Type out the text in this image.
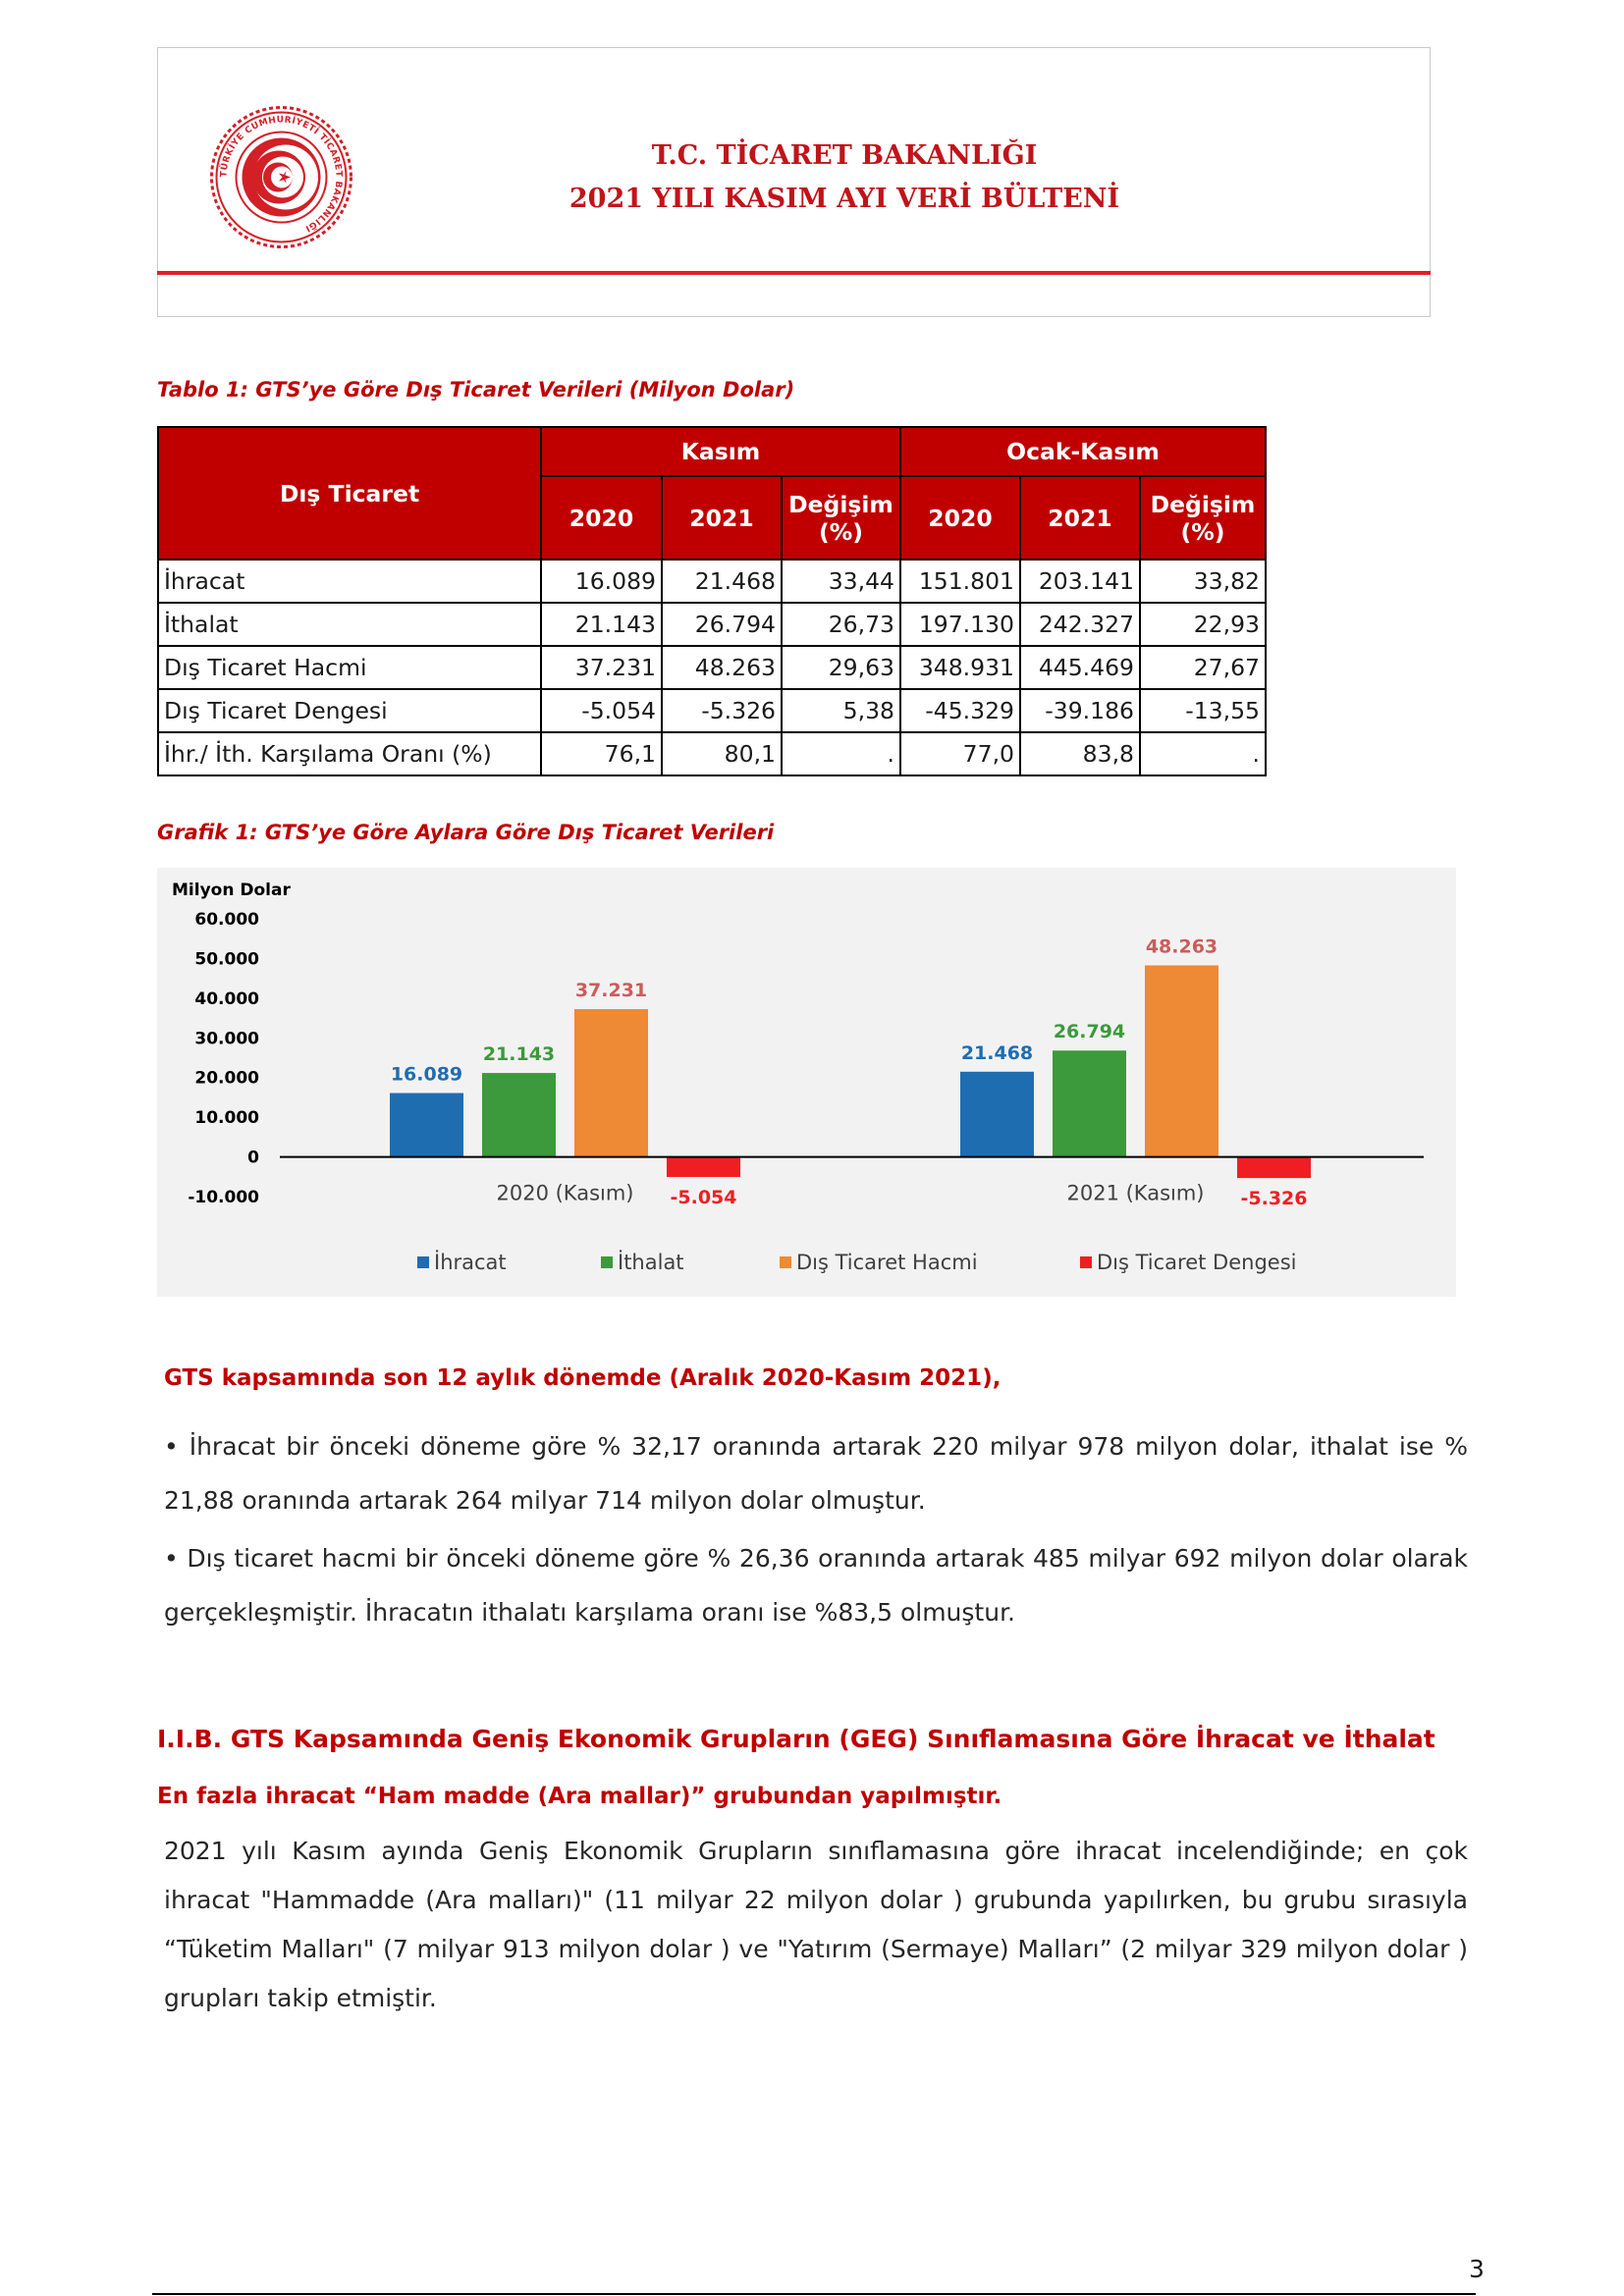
TÜRKİYE CUMHURİYETİ TİCARET BAKANLIĞI
T.C. TİCARET BAKANLIĞI
2021 YILI KASIM AYI VERİ BÜLTENİ
Tablo 1: GTS’ye Göre Dış Ticaret Verileri (Milyon Dolar)
Dış Ticaret	Kasım			Ocak-Kasım		
	2020	2021	Değişim (%)	2020	2021	Değişim (%)
İhracat	16.089	21.468	33,44	151.801	203.141	33,82
İthalat	21.143	26.794	26,73	197.130	242.327	22,93
Dış Ticaret Hacmi	37.231	48.263	29,63	348.931	445.469	27,67
Dış Ticaret Dengesi	-5.054	-5.326	5,38	-45.329	-39.186	-13,55
İhr./ İth. Karşılama Oranı (%)	76,1	80,1	.	77,0	83,8	.
Grafik 1: GTS’ye Göre Aylara Göre Dış Ticaret Verileri
Milyon Dolar
-10.000
0
10.000
20.000
30.000
40.000
50.000
60.000
16.089
21.143
37.231
-5.054
21.468
26.794
48.263
-5.326
2020 (Kasım)	2021 (Kasım)
İhracat	İthalat	Dış Ticaret Hacmi	Dış Ticaret Dengesi
GTS kapsamında son 12 aylık dönemde (Aralık 2020-Kasım 2021),
• İhracat bir önceki döneme göre % 32,17 oranında artarak 220 milyar 978 milyon dolar, ithalat ise % 21,88 oranında artarak 264 milyar 714 milyon dolar olmuştur.
• Dış ticaret hacmi bir önceki döneme göre % 26,36 oranında artarak 485 milyar 692 milyon dolar olarak gerçekleşmiştir. İhracatın ithalatı karşılama oranı ise %83,5 olmuştur.
I.I.B. GTS Kapsamında Geniş Ekonomik Grupların (GEG) Sınıflamasına Göre İhracat ve İthalat
En fazla ihracat “Ham madde (Ara mallar)” grubundan yapılmıştır.
2021 yılı Kasım ayında Geniş Ekonomik Grupların sınıflamasına göre ihracat incelendiğinde; en çok ihracat "Hammadde (Ara malları)" (11 milyar 22 milyon dolar ) grubunda yapılırken, bu grubu sırasıyla “Tüketim Malları" (7 milyar 913 milyon dolar ) ve "Yatırım (Sermaye) Malları” (2 milyar 329 milyon dolar ) grupları takip etmiştir.
3
